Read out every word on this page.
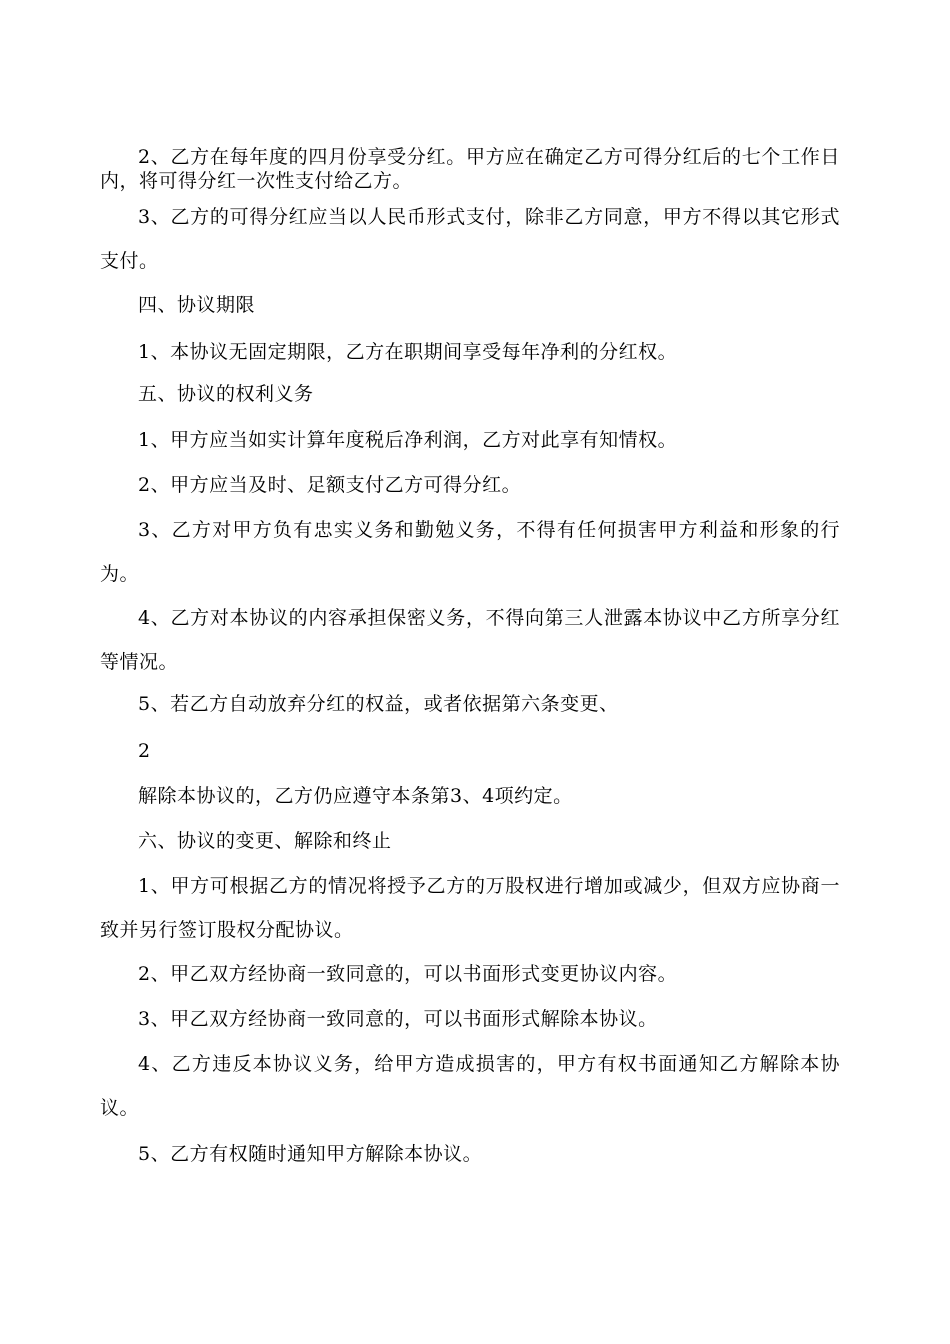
2、乙方在每年度的四月份享受分红。甲方应在确定乙方可得分红后的七个工作日内，将可得分红一次性支付给乙方。

3、乙方的可得分红应当以人民币形式支付，除非乙方同意，甲方不得以其它形式支付。

四、协议期限

1、本协议无固定期限，乙方在职期间享受每年净利的分红权。

五、协议的权利义务

1、甲方应当如实计算年度税后净利润，乙方对此享有知情权。

2、甲方应当及时、足额支付乙方可得分红。

3、乙方对甲方负有忠实义务和勤勉义务，不得有任何损害甲方利益和形象的行为。

4、乙方对本协议的内容承担保密义务，不得向第三人泄露本协议中乙方所享分红等情况。

5、若乙方自动放弃分红的权益，或者依据第六条变更、

2

解除本协议的，乙方仍应遵守本条第3、4项约定。

六、协议的变更、解除和终止

1、甲方可根据乙方的情况将授予乙方的万股权进行增加或减少，但双方应协商一致并另行签订股权分配协议。

2、甲乙双方经协商一致同意的，可以书面形式变更协议内容。

3、甲乙双方经协商一致同意的，可以书面形式解除本协议。

4、乙方违反本协议义务，给甲方造成损害的，甲方有权书面通知乙方解除本协议。

5、乙方有权随时通知甲方解除本协议。
